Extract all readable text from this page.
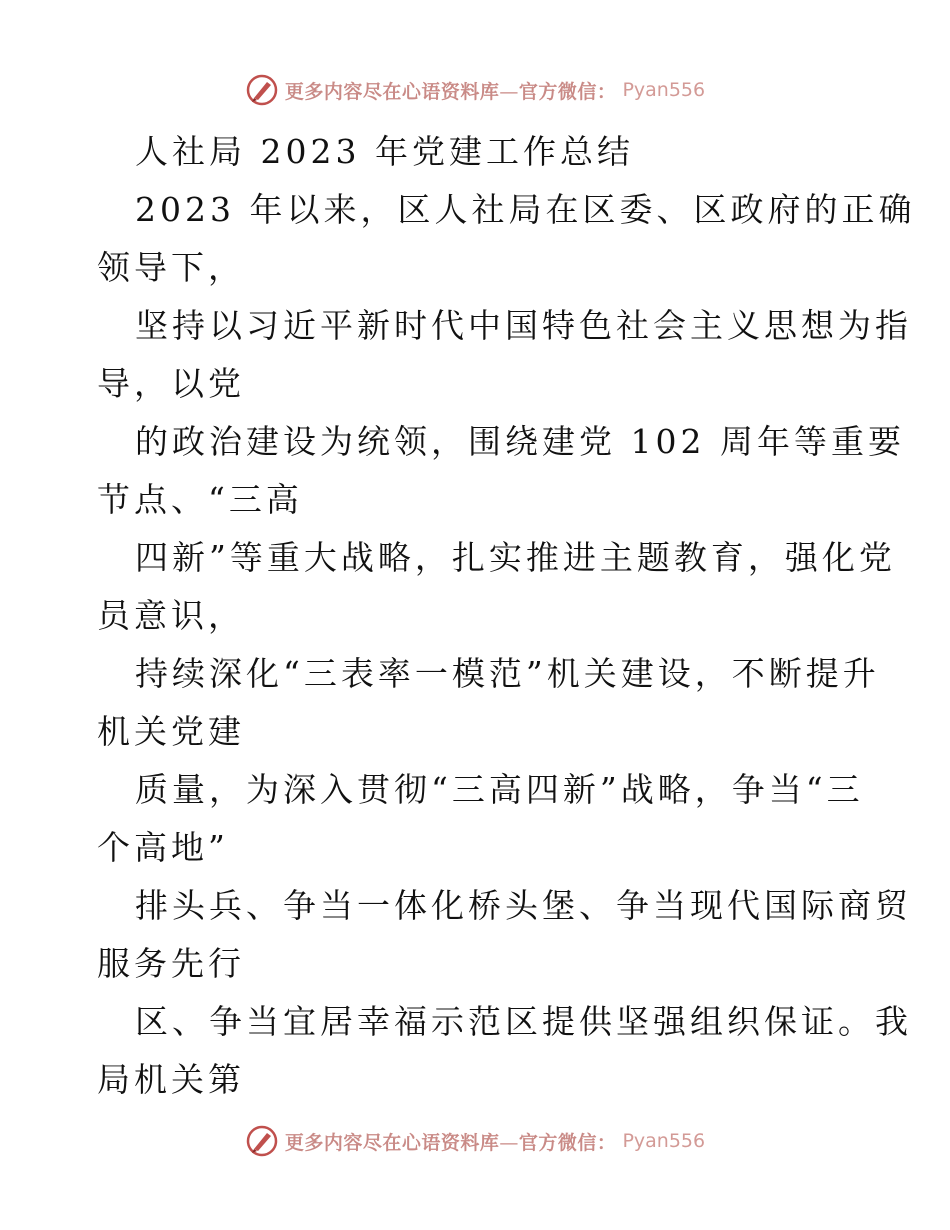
更多内容尽在心语资料库—官方微信： Pyan556
人社局 2023 年党建工作总结
2023 年以来，区人社局在区委、区政府的正确
领导下，
坚持以习近平新时代中国特色社会主义思想为指
导，以党
的政治建设为统领，围绕建党 102 周年等重要
节点、“三高
四新”等重大战略，扎实推进主题教育，强化党
员意识，
持续深化“三表率一模范”机关建设，不断提升
机关党建
质量，为深入贯彻“三高四新”战略，争当“三
个高地”
排头兵、争当一体化桥头堡、争当现代国际商贸
服务先行
区、争当宜居幸福示范区提供坚强组织保证。我
局机关第
更多内容尽在心语资料库—官方微信： Pyan556
